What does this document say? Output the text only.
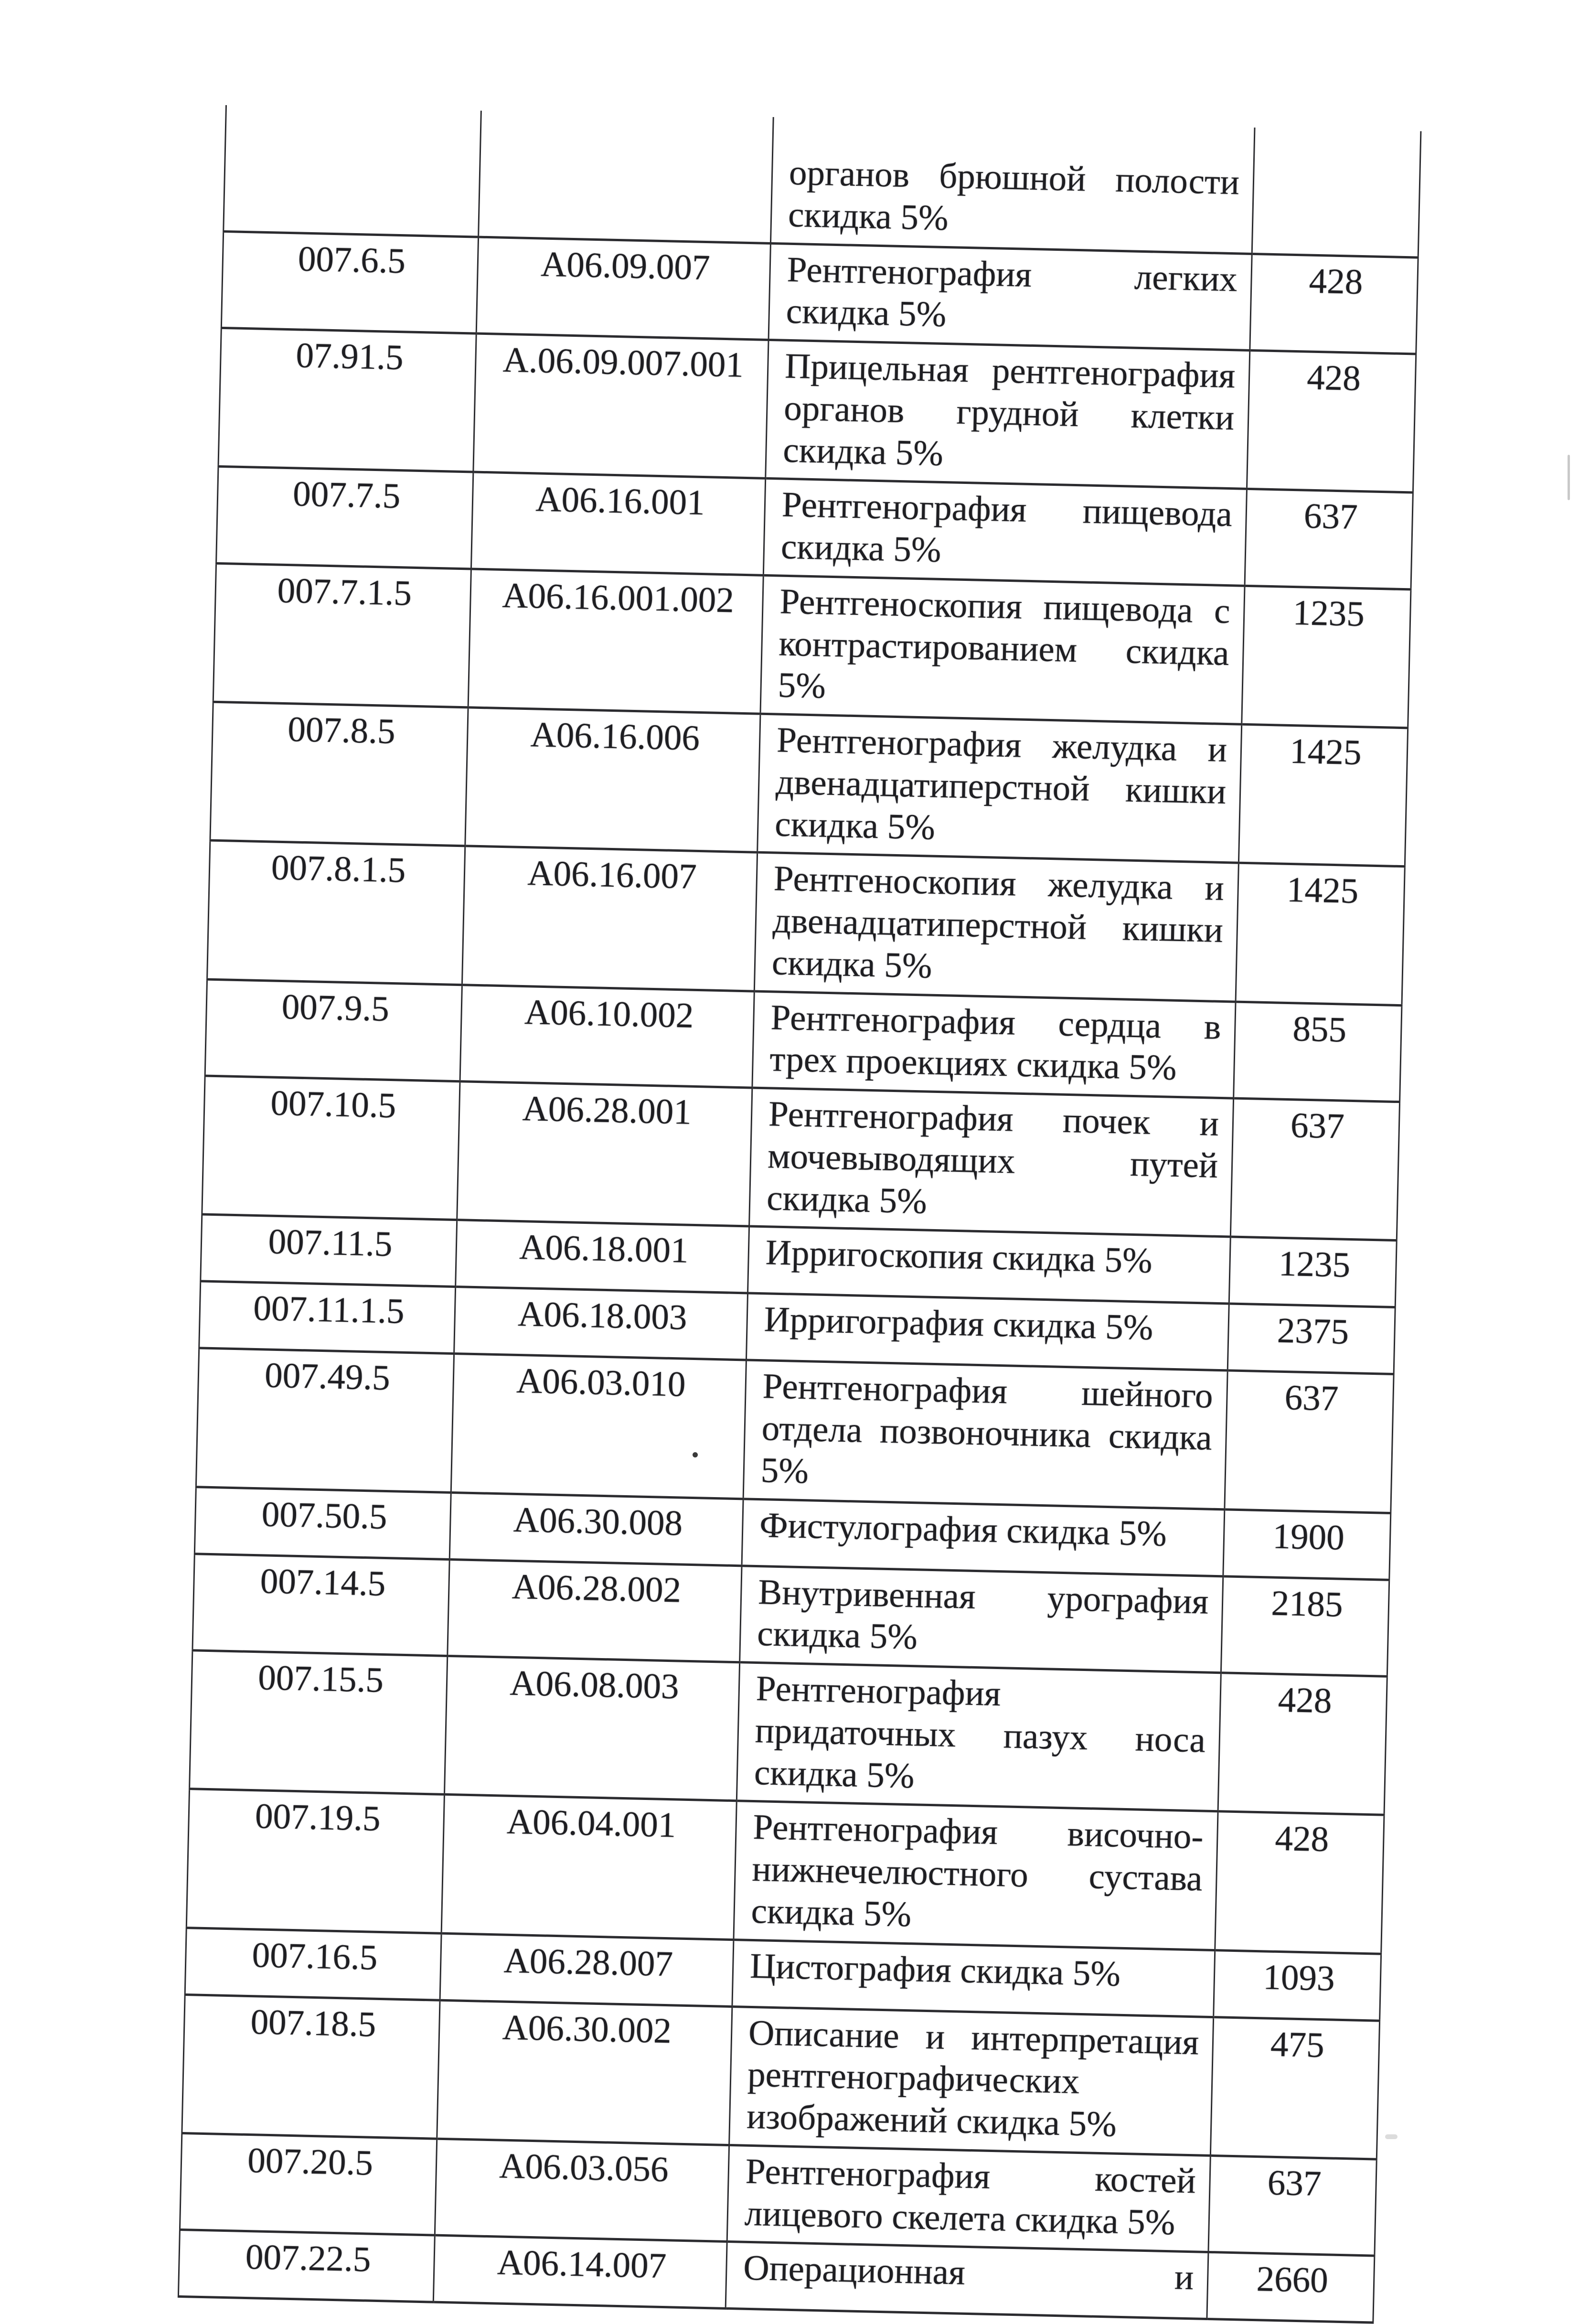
		органов брюшной полости скидка 5%	
007.6.5	А06.09.007	Рентгенография легких скидка 5%	428
07.91.5	А.06.09.007.001	Прицельная рентгенография органов грудной клетки скидка 5%	428
007.7.5	А06.16.001	Рентгенография пищевода скидка 5%	637
007.7.1.5	А06.16.001.002	Рентгеноскопия пищевода с контрастированием скидка 5%	1235
007.8.5	А06.16.006	Рентгенография желудка и двенадцатиперстной кишки скидка 5%	1425
007.8.1.5	А06.16.007	Рентгеноскопия желудка и двенадцатиперстной кишки скидка 5%	1425
007.9.5	А06.10.002	Рентгенография сердца в трех проекциях скидка 5%	855
007.10.5	А06.28.001	Рентгенография почек и мочевыводящих путей скидка 5%	637
007.11.5	А06.18.001	Ирригоскопия скидка 5%	1235
007.11.1.5	А06.18.003	Ирригография скидка 5%	2375
007.49.5	А06.03.010	Рентгенография шейного отдела позвоночника скидка 5%	637
007.50.5	А06.30.008	Фистулография скидка 5%	1900
007.14.5	А06.28.002	Внутривенная урография скидка 5%	2185
007.15.5	А06.08.003	Рентгенография придаточных пазух носа скидка 5%	428
007.19.5	А06.04.001	Рентгенография височно-нижнечелюстного сустава скидка 5%	428
007.16.5	А06.28.007	Цистография скидка 5%	1093
007.18.5	А06.30.002	Описание и интерпретация рентгенографических изображений скидка 5%	475
007.20.5	А06.03.056	Рентгенография костей лицевого скелета скидка 5%	637
007.22.5	А06.14.007	Операционная и	2660
